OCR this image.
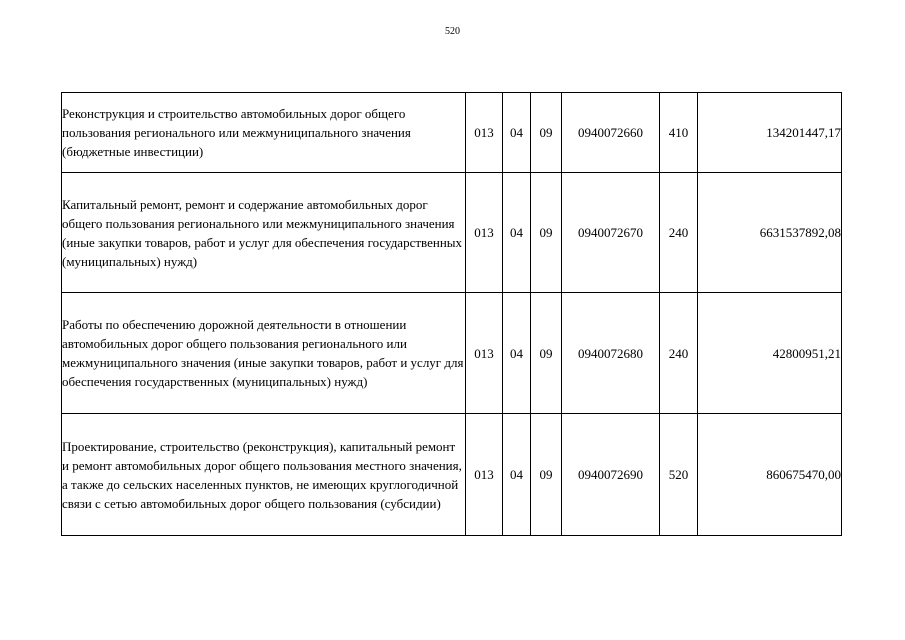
520
Реконструкция и строительство автомобильных дорог общего пользования регионального или межмуниципального значения (бюджетные инвестиции)	013	04	09	0940072660	410	134201447,17
Капитальный ремонт, ремонт и содержание автомобильных дорог общего пользования регионального или межмуниципального значения (иные закупки товаров, работ и услуг для обеспечения государственных (муниципальных) нужд)	013	04	09	0940072670	240	6631537892,08
Работы по обеспечению дорожной деятельности в отношении автомобильных дорог общего пользования регионального или межмуниципального значения (иные закупки товаров, работ и услуг для обеспечения государственных (муниципальных) нужд)	013	04	09	0940072680	240	42800951,21
Проектирование, строительство (реконструкция), капитальный ремонт и ремонт автомобильных дорог общего пользования местного значения, а также до сельских населенных пунктов, не имеющих круглогодичной связи с сетью автомобильных дорог общего пользования (субсидии)	013	04	09	0940072690	520	860675470,00
